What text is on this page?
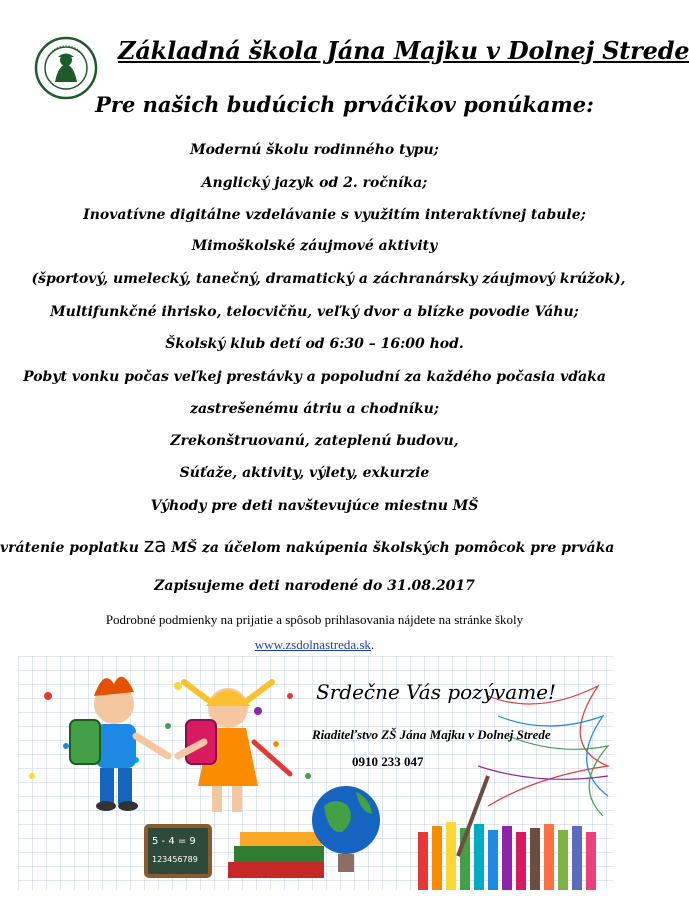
Základná škola Jána Majku v Dolnej Strede
Pre našich budúcich prváčikov ponúkame:
Modernú školu rodinného typu;
Anglický jazyk od 2. ročníka;
Inovatívne digitálne vzdelávanie s využitím interaktívnej tabule;
Mimoškolské záujmové aktivity
(športový, umelecký, tanečný, dramatický a záchranársky záujmový krúžok),
Multifunkčné ihrisko, telocvičňu, veľký dvor a blízke povodie Váhu;
Školský klub detí od 6:30 – 16:00 hod.
Pobyt vonku počas veľkej prestávky a popoludní za každého počasia vďaka
zastrešenému átriu a chodníku;
Zrekonštruovanú, zateplenú budovu,
Súťaže, aktivity, výlety, exkurzie
Výhody pre deti navštevujúce miestnu MŠ
vrátenie poplatku za MŠ za účelom nakúpenia školských pomôcok pre prváka
Zapisujeme deti narodené do 31.08.2017
Podrobné podmienky na prijatie a spôsob prihlasovania nájdete na stránke školy
www.zsdolnastreda.sk.
5 - 4 = 9
123456789
Srdečne Vás pozývame!
Riaditeľstvo ZŠ Jána Majku v Dolnej Strede
0910 233 047
